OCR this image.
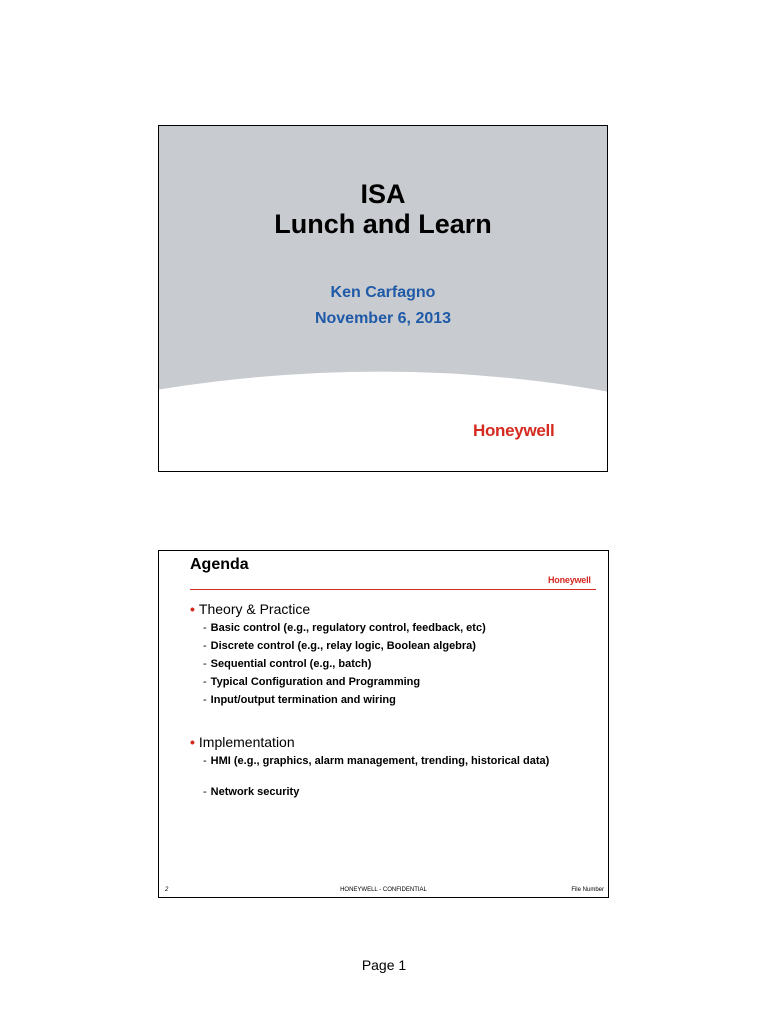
ISA
Lunch and Learn
Ken Carfagno
November 6, 2013
Honeywell
Agenda
Honeywell
• Theory & Practice
- Basic control (e.g., regulatory control, feedback, etc)
- Discrete control (e.g., relay logic, Boolean algebra)
- Sequential control (e.g., batch)
- Typical Configuration and Programming
- Input/output termination and wiring
• Implementation
- HMI (e.g., graphics, alarm management, trending, historical data)
- Network security
2	HONEYWELL - CONFIDENTIAL	File Number
Page 1
